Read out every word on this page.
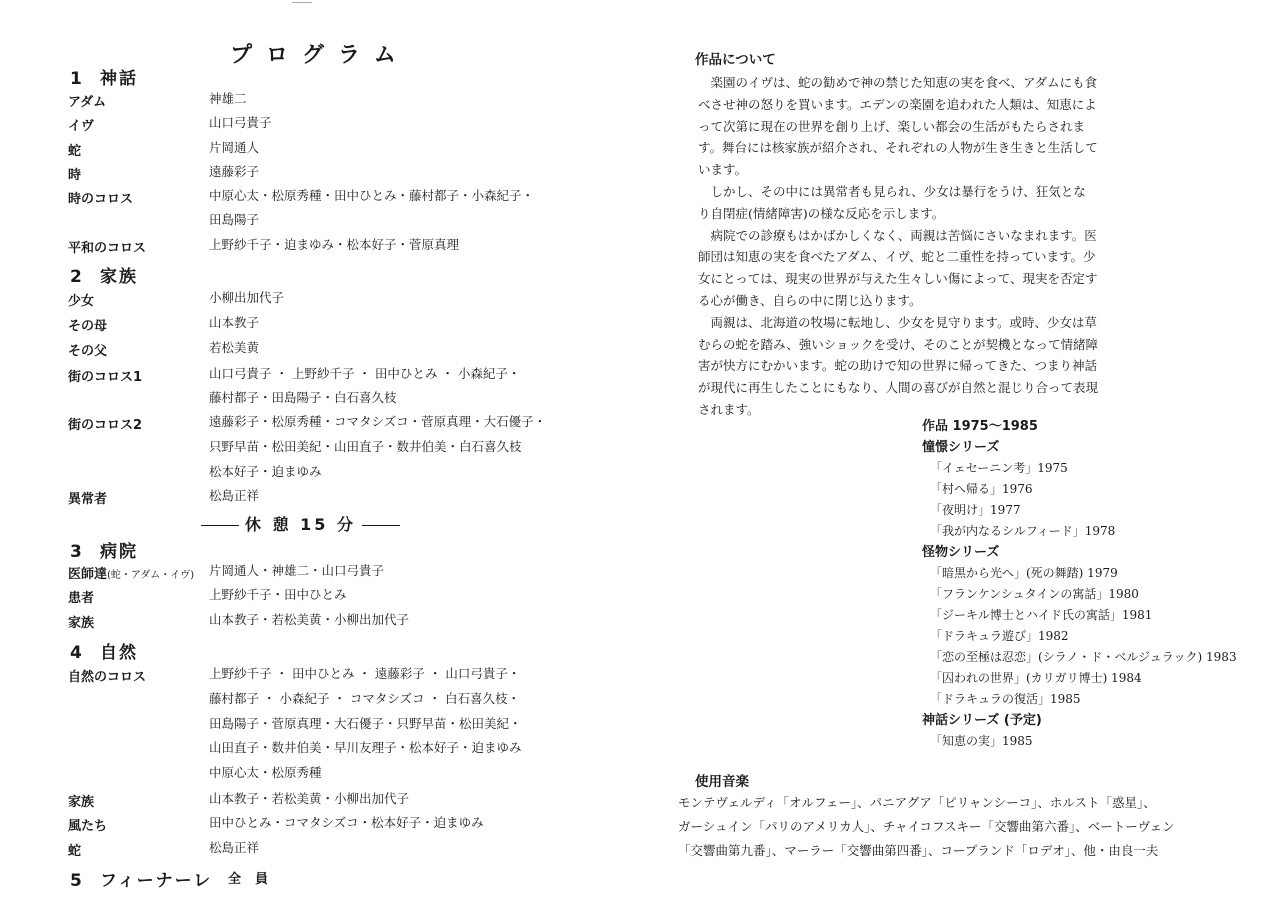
プログラム
1 神話
アダム	神雄二
イヴ	山口弓貴子
蛇	片岡通人
時	遠藤彩子
時のコロス	中原心太・松原秀種・田中ひとみ・藤村都子・小森紀子・
田島陽子
平和のコロス	上野紗千子・迫まゆみ・松本好子・菅原真理
2 家族
少女	小柳出加代子
その母	山本教子
その父	若松美黄
街のコロス1	山口弓貴子 ・ 上野紗千子 ・ 田中ひとみ ・ 小森紀子・
藤村都子・田島陽子・白石喜久枝
街のコロス2	遠藤彩子・松原秀種・コマタシズコ・菅原真理・大石優子・
只野早苗・松田美紀・山田直子・数井伯美・白石喜久枝
松本好子・迫まゆみ
異常者	松島正祥
休 憩 15 分
3 病院
医師達(蛇・アダム・イヴ) 片岡通人・神雄二・山口弓貴子
患者	上野紗千子・田中ひとみ
家族	山本教子・若松美黄・小柳出加代子
4 自然
自然のコロス	上野紗千子 ・ 田中ひとみ ・ 遠藤彩子 ・ 山口弓貴子・
藤村都子 ・ 小森紀子 ・ コマタシズコ ・ 白石喜久枝・
田島陽子・菅原真理・大石優子・只野早苗・松田美紀・
山田直子・数井伯美・早川友理子・松本好子・迫まゆみ
中原心太・松原秀種
家族	山本教子・若松美黄・小柳出加代子
風たち	田中ひとみ・コマタシズコ・松本好子・迫まゆみ
蛇	松島正祥
5 フィーナーレ 全員
作品について

楽園のイヴは、蛇の勧めで神の禁じた知恵の実を食べ、アダムにも食べさせ神の怒りを買います。エデンの楽園を追われた人類は、知恵によって次第に現在の世界を創り上げ、楽しい都会の生活がもたらされます。舞台には核家族が紹介され、それぞれの人物が生き生きと生活しています。

しかし、その中には異常者も見られ、少女は暴行をうけ、狂気となり自閉症(情緒障害)の様な反応を示します。

病院での診療もはかばかしくなく、両親は苦悩にさいなまれます。医師団は知恵の実を食べたアダム、イヴ、蛇と二重性を持っています。少女にとっては、現実の世界が与えた生々しい傷によって、現実を否定する心が働き、自らの中に閉じ込ります。

両親は、北海道の牧場に転地し、少女を見守ります。或時、少女は草むらの蛇を踏み、強いショックを受け、そのことが契機となって情緒障害が快方にむかいます。蛇の助けで知の世界に帰ってきた、つまり神話が現代に再生したことにもなり、人間の喜びが自然と混じり合って表現されます。

作品 1975〜1985
憧憬シリーズ
「イェセーニン考」1975
「村へ帰る」1976
「夜明け」1977
「我が内なるシルフィード」1978
怪物シリーズ
「暗黒から光へ」(死の舞踏) 1979
「フランケンシュタインの寓話」1980
「ジーキル博士とハイド氏の寓話」1981
「ドラキュラ遊び」1982
「恋の至極は忍恋」(シラノ・ド・ベルジュラック) 1983
「囚われの世界」(カリガリ博士) 1984
「ドラキュラの復活」1985
神話シリーズ (予定)
「知恵の実」1985
使用音楽
モンテヴェルディ「オルフェー」、パニアグア「ピリャンシーコ」、ホルスト「惑星」、
ガーシュイン「パリのアメリカ人」、チャイコフスキー「交響曲第六番」、ベートーヴェン
「交響曲第九番」、マーラー「交響曲第四番」、コープランド「ロデオ」、他・由良一夫
